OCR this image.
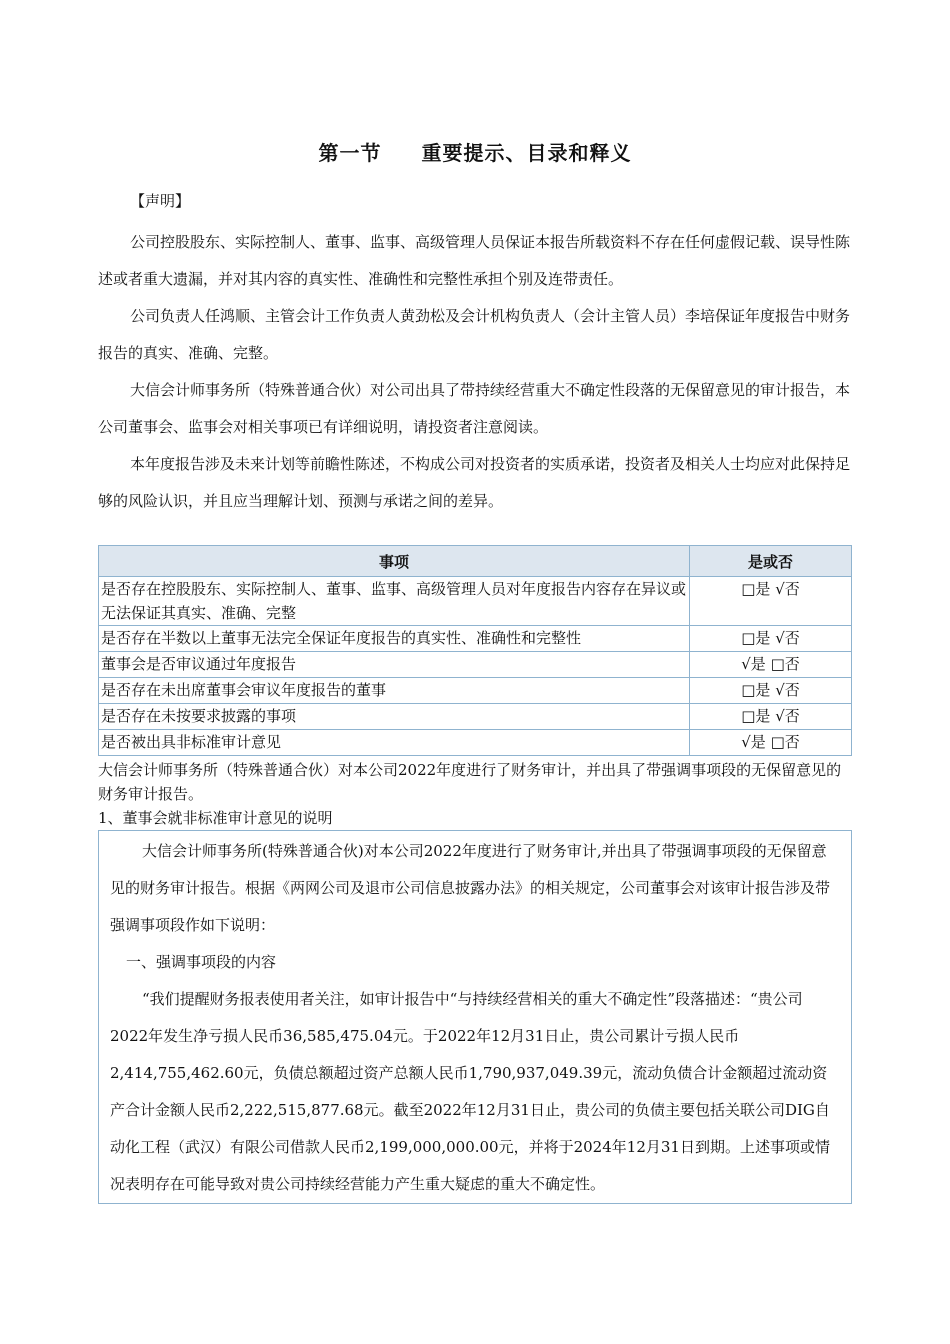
第一节 重要提示、目录和释义
【声明】

公司控股股东、实际控制人、董事、监事、高级管理人员保证本报告所载资料不存在任何虚假记载、误导性陈述或者重大遗漏，并对其内容的真实性、准确性和完整性承担个别及连带责任。

公司负责人任鸿顺、主管会计工作负责人黄劲松及会计机构负责人（会计主管人员）李培保证年度报告中财务报告的真实、准确、完整。

大信会计师事务所（特殊普通合伙）对公司出具了带持续经营重大不确定性段落的无保留意见的审计报告，本公司董事会、监事会对相关事项已有详细说明，请投资者注意阅读。

本年度报告涉及未来计划等前瞻性陈述，不构成公司对投资者的实质承诺，投资者及相关人士均应对此保持足够的风险认识，并且应当理解计划、预测与承诺之间的差异。

事项	是或否
是否存在控股股东、实际控制人、董事、监事、高级管理人员对年度报告内容存在异议或无法保证其真实、准确、完整	□是 √否
是否存在半数以上董事无法完全保证年度报告的真实性、准确性和完整性	□是 √否
董事会是否审议通过年度报告	√是 □否
是否存在未出席董事会审议年度报告的董事	□是 √否
是否存在未按要求披露的事项	□是 √否
是否被出具非标准审计意见	√是 □否

大信会计师事务所（特殊普通合伙）对本公司2022年度进行了财务审计，并出具了带强调事项段的无保留意见的财务审计报告。

1、董事会就非标准审计意见的说明

大信会计师事务所(特殊普通合伙)对本公司2022年度进行了财务审计,并出具了带强调事项段的无保留意见的财务审计报告。根据《两网公司及退市公司信息披露办法》的相关规定，公司董事会对该审计报告涉及带强调事项段作如下说明：

一、强调事项段的内容

“我们提醒财务报表使用者关注，如审计报告中“与持续经营相关的重大不确定性”段落描述：“贵公司 2022年发生净亏损人民币36,585,475.04元。于2022年12月31日止，贵公司累计亏损人民币2,414,755,462.60元，负债总额超过资产总额人民币1,790,937,049.39元，流动负债合计金额超过流动资产合计金额人民币2,222,515,877.68元。截至2022年12月31日止，贵公司的负债主要包括关联公司DIG自动化工程（武汉）有限公司借款人民币2,199,000,000.00元，并将于2024年12月31日到期。上述事项或情况表明存在可能导致对贵公司持续经营能力产生重大疑虑的重大不确定性。
